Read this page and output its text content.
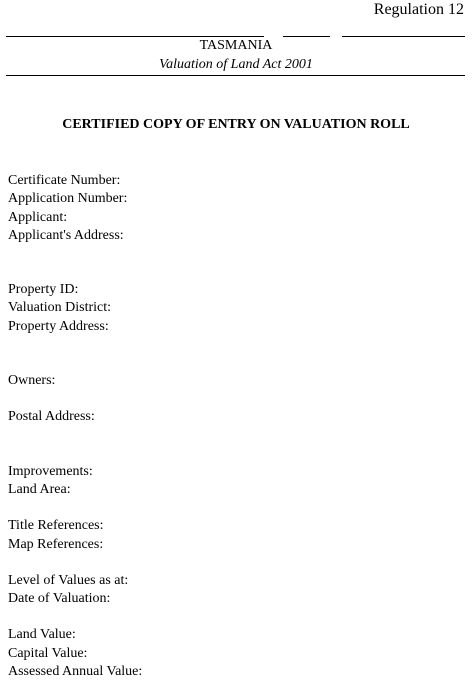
Regulation 12
TASMANIA
Valuation of Land Act 2001
CERTIFIED COPY OF ENTRY ON VALUATION ROLL
Certificate Number:
Application Number:
Applicant:
Applicant's Address:
Property ID:
Valuation District:
Property Address:
Owners:
Postal Address:
Improvements:
Land Area:
Title References:
Map References:
Level of Values as at:
Date of Valuation:
Land Value:
Capital Value:
Assessed Annual Value:
